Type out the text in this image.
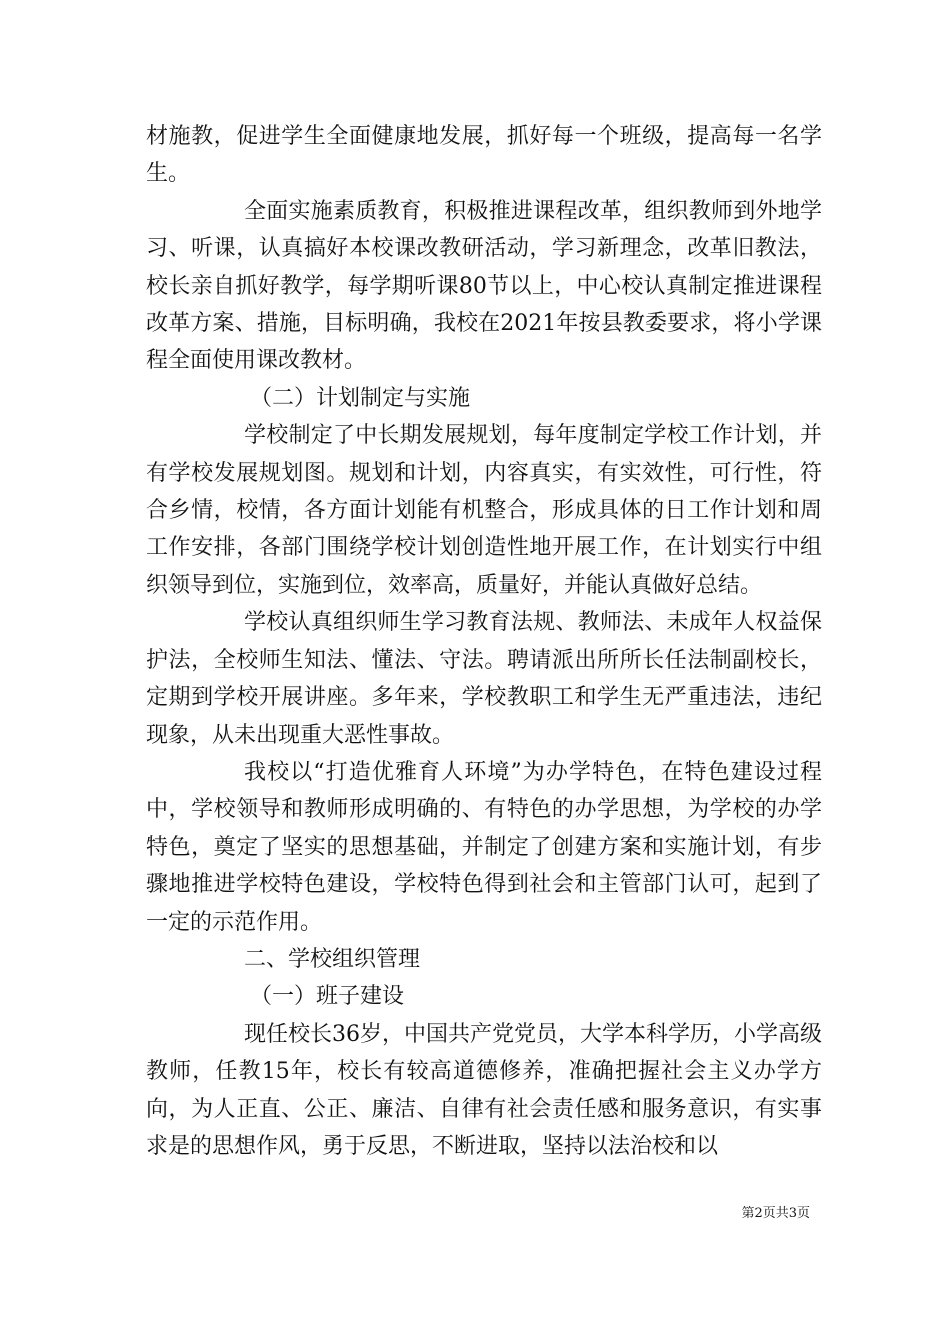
材施教，促进学生全面健康地发展，抓好每一个班级，提高每一名学生。

全面实施素质教育，积极推进课程改革，组织教师到外地学习、听课，认真搞好本校课改教研活动，学习新理念，改革旧教法，校长亲自抓好教学，每学期听课80节以上，中心校认真制定推进课程改革方案、措施，目标明确，我校在2021年按县教委要求，将小学课程全面使用课改教材。

（二）计划制定与实施

学校制定了中长期发展规划，每年度制定学校工作计划，并有学校发展规划图。规划和计划，内容真实，有实效性，可行性，符合乡情，校情，各方面计划能有机整合，形成具体的日工作计划和周工作安排，各部门围绕学校计划创造性地开展工作，在计划实行中组织领导到位，实施到位，效率高，质量好，并能认真做好总结。

学校认真组织师生学习教育法规、教师法、未成年人权益保护法，全校师生知法、懂法、守法。聘请派出所所长任法制副校长，定期到学校开展讲座。多年来，学校教职工和学生无严重违法，违纪现象，从未出现重大恶性事故。

我校以“打造优雅育人环境”为办学特色，在特色建设过程中，学校领导和教师形成明确的、有特色的办学思想，为学校的办学特色，奠定了坚实的思想基础，并制定了创建方案和实施计划，有步骤地推进学校特色建设，学校特色得到社会和主管部门认可，起到了一定的示范作用。

二、学校组织管理

（一）班子建设

现任校长36岁，中国共产党党员，大学本科学历，小学高级教师，任教15年，校长有较高道德修养，准确把握社会主义办学方向，为人正直、公正、廉洁、自律有社会责任感和服务意识，有实事求是的思想作风，勇于反思，不断进取，坚持以法治校和以

第2页共3页
